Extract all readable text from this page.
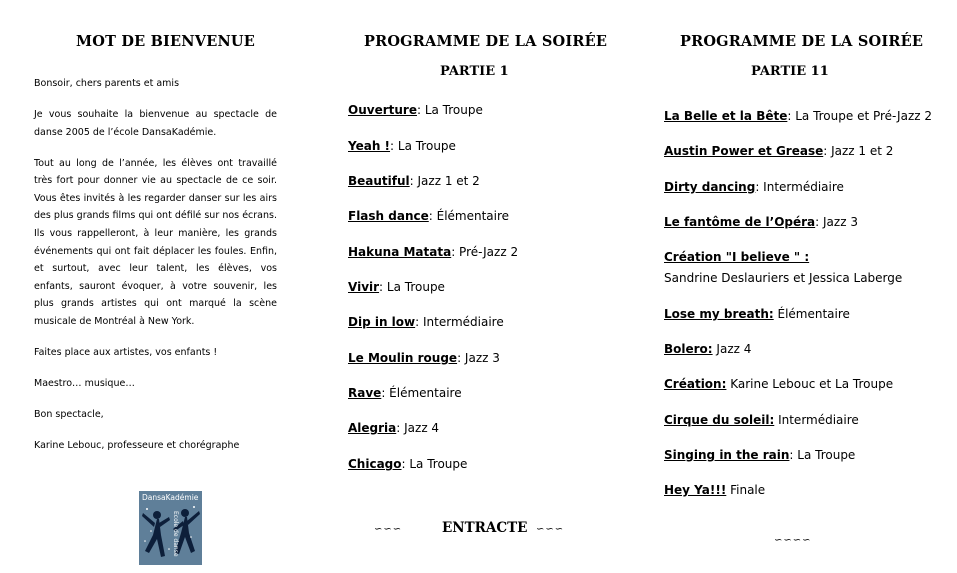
MOT DE BIENVENUE

Bonsoir, chers parents et amis

Je vous souhaite la bienvenue au spectacle de danse 2005 de l’école DansaKadémie.

Tout au long de l’année, les élèves ont travaillé très fort pour donner vie au spectacle de ce soir. Vous êtes invités à les regarder danser sur les airs des plus grands films qui ont défilé sur nos écrans. Ils vous rappelleront, à leur manière, les grands événements qui ont fait déplacer les foules. Enfin, et surtout, avec leur talent, les élèves, vos enfants, sauront évoquer, à votre souvenir, les plus grands artistes qui ont marqué la scène musicale de Montréal à New York.

Faites place aux artistes, vos enfants !

Maestro… musique…

Bon spectacle,

Karine Lebouc, professeure et chorégraphe

DansaKadémie
Ecole de danse
PROGRAMME DE LA SOIRÉE
PARTIE 1
Ouverture: La Troupe
Yeah !: La Troupe
Beautiful: Jazz 1 et 2
Flash dance: Élémentaire
Hakuna Matata: Pré-Jazz 2
Vivir: La Troupe
Dip in low: Intermédiaire
Le Moulin rouge: Jazz 3
Rave: Élémentaire
Alegria: Jazz 4
Chicago: La Troupe
∽∽∽	ENTRACTE ∽∽∽
PROGRAMME DE LA SOIRÉE
PARTIE 11
La Belle et la Bête: La Troupe et Pré-Jazz 2
Austin Power et Grease: Jazz 1 et 2
Dirty dancing: Intermédiaire
Le fantôme de l’Opéra: Jazz 3
Création "I believe " :
Sandrine Deslauriers et Jessica Laberge
Lose my breath: Élémentaire
Bolero: Jazz 4
Création: Karine Lebouc et La Troupe
Cirque du soleil: Intermédiaire
Singing in the rain: La Troupe
Hey Ya!!! Finale
∽∽∽∽
